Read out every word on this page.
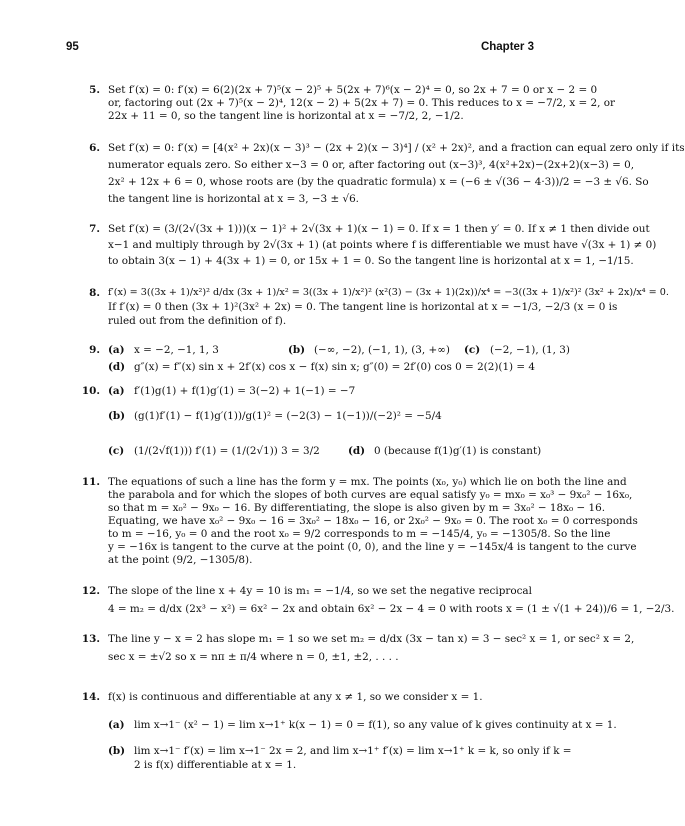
95	Chapter 3
5. Set f′(x) = 0: f′(x) = 6(2)(2x + 7)⁵(x − 2)⁵ + 5(2x + 7)⁶(x − 2)⁴ = 0, so 2x + 7 = 0 or x − 2 = 0
or, factoring out (2x + 7)⁵(x − 2)⁴, 12(x − 2) + 5(2x + 7) = 0. This reduces to x = −7/2, x = 2, or
22x + 11 = 0, so the tangent line is horizontal at x = −7/2, 2, −1/2.
6. Set f′(x) = 0: f′(x) = [4(x² + 2x)(x − 3)³ − (2x + 2)(x − 3)⁴] / (x² + 2x)², and a fraction can equal zero only if its
numerator equals zero. So either x−3 = 0 or, after factoring out (x−3)³, 4(x²+2x)−(2x+2)(x−3) = 0,
2x² + 12x + 6 = 0, whose roots are (by the quadratic formula) x = (−6 ± √(36 − 4·3))/2 = −3 ± √6. So
the tangent line is horizontal at x = 3, −3 ± √6.
7. Set f′(x) = (3/(2√(3x + 1)))(x − 1)² + 2√(3x + 1)(x − 1) = 0. If x = 1 then y′ = 0. If x ≠ 1 then divide out
x−1 and multiply through by 2√(3x + 1) (at points where f is differentiable we must have √(3x + 1) ≠ 0)
to obtain 3(x − 1) + 4(3x + 1) = 0, or 15x + 1 = 0. So the tangent line is horizontal at x = 1, −1/15.
8. f′(x) = 3((3x + 1)/x²)² d/dx (3x + 1)/x² = 3((3x + 1)/x²)² (x²(3) − (3x + 1)(2x))/x⁴ = −3((3x + 1)/x²)² (3x² + 2x)/x⁴ = 0.
If f′(x) = 0 then (3x + 1)²(3x² + 2x) = 0. The tangent line is horizontal at x = −1/3, −2/3 (x = 0 is
ruled out from the definition of f).
9. (a) x = −2, −1, 1, 3	(b) (−∞, −2), (−1, 1), (3, +∞) (c) (−2, −1), (1, 3)
(d) g″(x) = f″(x) sin x + 2f′(x) cos x − f(x) sin x; g″(0) = 2f′(0) cos 0 = 2(2)(1) = 4
10. (a) f′(1)g(1) + f(1)g′(1) = 3(−2) + 1(−1) = −7
(b) (g(1)f′(1) − f(1)g′(1))/g(1)² = (−2(3) − 1(−1))/(−2)² = −5/4
(c) (1/(2√f(1))) f′(1) = (1/(2√1)) 3 = 3/2	(d) 0 (because f(1)g′(1) is constant)
11. The equations of such a line has the form y = mx. The points (x₀, y₀) which lie on both the line and
the parabola and for which the slopes of both curves are equal satisfy y₀ = mx₀ = x₀³ − 9x₀² − 16x₀,
so that m = x₀² − 9x₀ − 16. By differentiating, the slope is also given by m = 3x₀² − 18x₀ − 16.
Equating, we have x₀² − 9x₀ − 16 = 3x₀² − 18x₀ − 16, or 2x₀² − 9x₀ = 0. The root x₀ = 0 corresponds
to m = −16, y₀ = 0 and the root x₀ = 9/2 corresponds to m = −145/4, y₀ = −1305/8. So the line
y = −16x is tangent to the curve at the point (0, 0), and the line y = −145x/4 is tangent to the curve
at the point (9/2, −1305/8).
12. The slope of the line x + 4y = 10 is m₁ = −1/4, so we set the negative reciprocal
4 = m₂ = d/dx (2x³ − x²) = 6x² − 2x and obtain 6x² − 2x − 4 = 0 with roots x = (1 ± √(1 + 24))/6 = 1, −2/3.
13. The line y − x = 2 has slope m₁ = 1 so we set m₂ = d/dx (3x − tan x) = 3 − sec² x = 1, or sec² x = 2,
sec x = ±√2 so x = nπ ± π/4 where n = 0, ±1, ±2, . . . .
14. f(x) is continuous and differentiable at any x ≠ 1, so we consider x = 1.
(a) lim x→1⁻ (x² − 1) = lim x→1⁺ k(x − 1) = 0 = f(1), so any value of k gives continuity at x = 1.
(b) lim x→1⁻ f′(x) = lim x→1⁻ 2x = 2, and lim x→1⁺ f′(x) = lim x→1⁺ k = k, so only if k = 2 is f(x) differentiable at x = 1.
